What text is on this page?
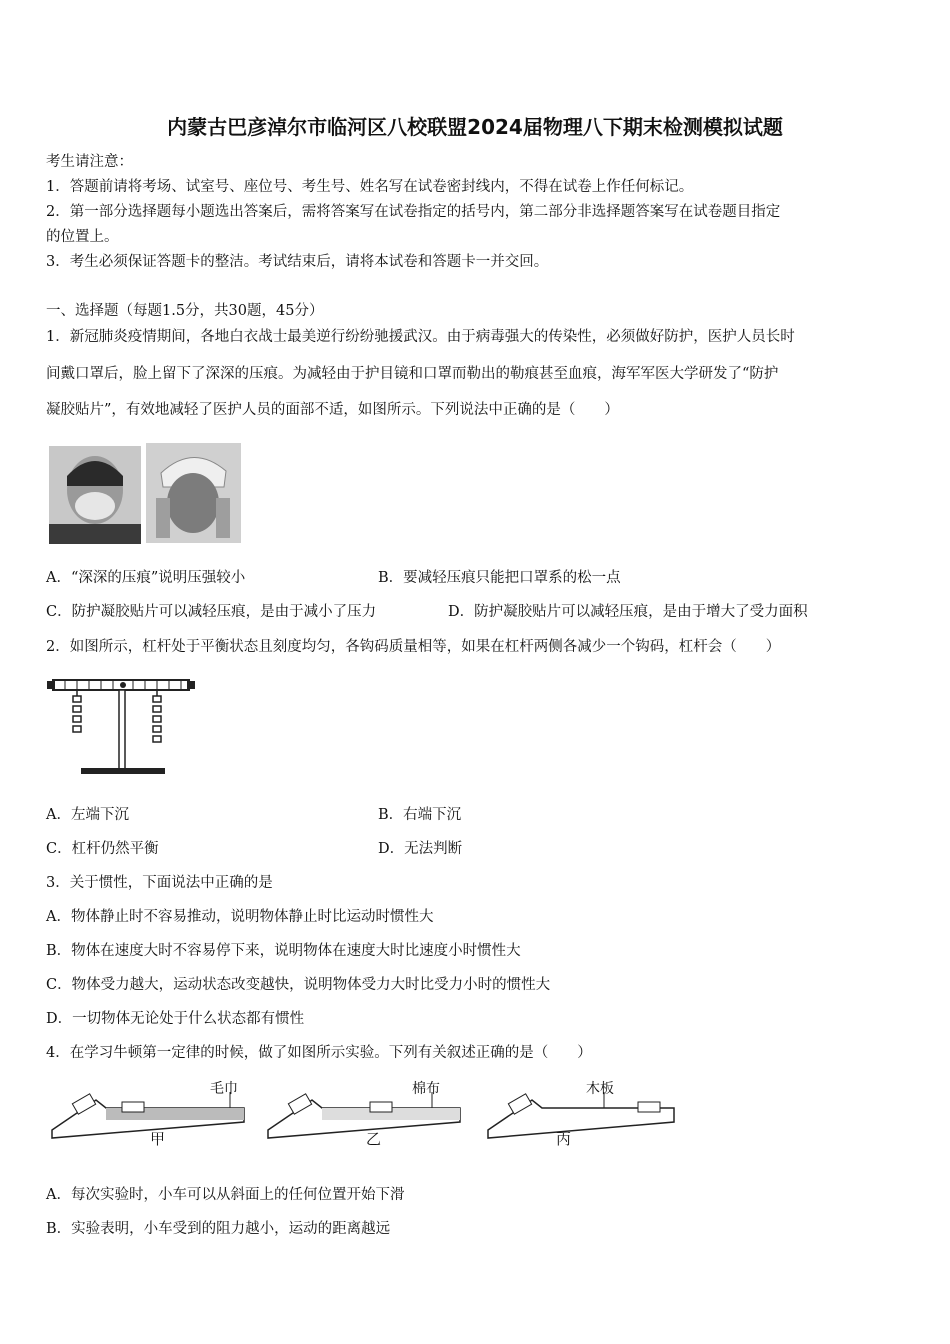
内蒙古巴彦淖尔市临河区八校联盟2024届物理八下期末检测模拟试题
考生请注意：
1．答题前请将考场、试室号、座位号、考生号、姓名写在试卷密封线内，不得在试卷上作任何标记。
2．第一部分选择题每小题选出答案后，需将答案写在试卷指定的括号内，第二部分非选择题答案写在试卷题目指定
的位置上。
3．考生必须保证答题卡的整洁。考试结束后，请将本试卷和答题卡一并交回。
一、选择题（每题1.5分，共30题，45分）
1．新冠肺炎疫情期间，各地白衣战士最美逆行纷纷驰援武汉。由于病毒强大的传染性，必须做好防护，医护人员长时
间戴口罩后，脸上留下了深深的压痕。为减轻由于护目镜和口罩而勒出的勒痕甚至血痕，海军军医大学研发了“防护
凝胶贴片”，有效地减轻了医护人员的面部不适，如图所示。下列说法中正确的是（　　）
A．“深深的压痕”说明压强较小	B．要减轻压痕只能把口罩系的松一点
C．防护凝胶贴片可以减轻压痕，是由于减小了压力	D．防护凝胶贴片可以减轻压痕，是由于增大了受力面积
2．如图所示，杠杆处于平衡状态且刻度均匀，各钩码质量相等，如果在杠杆两侧各减少一个钩码，杠杆会（　　）
A．左端下沉	B．右端下沉
C．杠杆仍然平衡	D．无法判断
3．关于惯性，下面说法中正确的是
A．物体静止时不容易推动，说明物体静止时比运动时惯性大
B．物体在速度大时不容易停下来，说明物体在速度大时比速度小时惯性大
C．物体受力越大，运动状态改变越快，说明物体受力大时比受力小时的惯性大
D．一切物体无论处于什么状态都有惯性
4．在学习牛顿第一定律的时候，做了如图所示实验。下列有关叙述正确的是（　　）
毛巾
甲
棉布
乙
木板
丙
A．每次实验时，小车可以从斜面上的任何位置开始下滑
B．实验表明，小车受到的阻力越小，运动的距离越远
